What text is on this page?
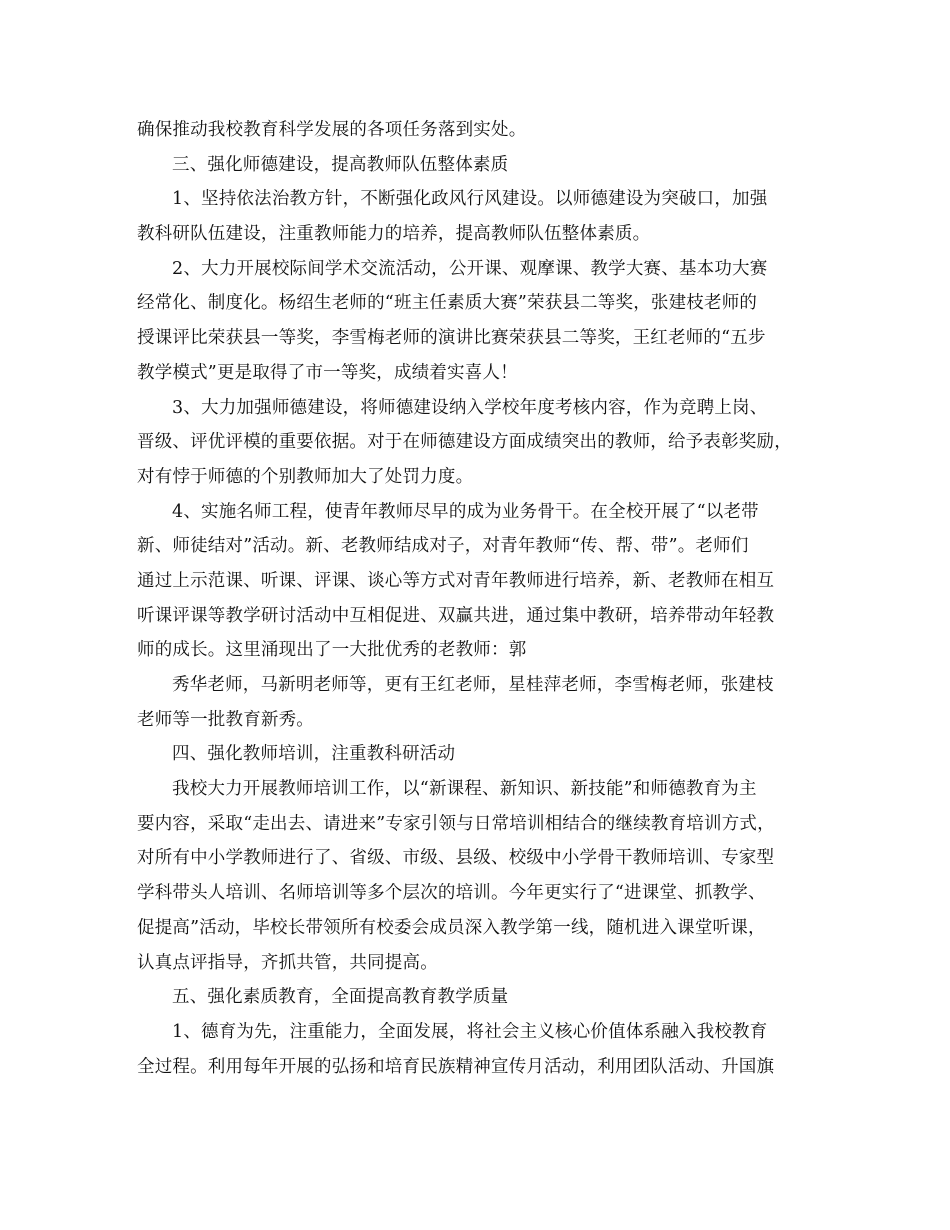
确保推动我校教育科学发展的各项任务落到实处。
三、强化师德建设，提高教师队伍整体素质
1、坚持依法治教方针，不断强化政风行风建设。以师德建设为突破口，加强
教科研队伍建设，注重教师能力的培养，提高教师队伍整体素质。
2、大力开展校际间学术交流活动，公开课、观摩课、教学大赛、基本功大赛
经常化、制度化。杨绍生老师的“班主任素质大赛”荣获县二等奖，张建枝老师的
授课评比荣获县一等奖，李雪梅老师的演讲比赛荣获县二等奖，王红老师的“五步
教学模式”更是取得了市一等奖，成绩着实喜人！
3、大力加强师德建设，将师德建设纳入学校年度考核内容，作为竞聘上岗、
晋级、评优评模的重要依据。对于在师德建设方面成绩突出的教师，给予表彰奖励，
对有悖于师德的个别教师加大了处罚力度。
4、实施名师工程，使青年教师尽早的成为业务骨干。在全校开展了“以老带
新、师徒结对”活动。新、老教师结成对子，对青年教师“传、帮、带”。老师们
通过上示范课、听课、评课、谈心等方式对青年教师进行培养，新、老教师在相互
听课评课等教学研讨活动中互相促进、双赢共进，通过集中教研，培养带动年轻教
师的成长。这里涌现出了一大批优秀的老教师：郭
秀华老师，马新明老师等，更有王红老师，星桂萍老师，李雪梅老师，张建枝
老师等一批教育新秀。
四、强化教师培训，注重教科研活动
我校大力开展教师培训工作，以“新课程、新知识、新技能”和师德教育为主
要内容，采取“走出去、请进来”专家引领与日常培训相结合的继续教育培训方式，
对所有中小学教师进行了、省级、市级、县级、校级中小学骨干教师培训、专家型
学科带头人培训、名师培训等多个层次的培训。今年更实行了“进课堂、抓教学、
促提高”活动，毕校长带领所有校委会成员深入教学第一线，随机进入课堂听课，
认真点评指导，齐抓共管，共同提高。
五、强化素质教育，全面提高教育教学质量
1、德育为先，注重能力，全面发展，将社会主义核心价值体系融入我校教育
全过程。利用每年开展的弘扬和培育民族精神宣传月活动，利用团队活动、升国旗
